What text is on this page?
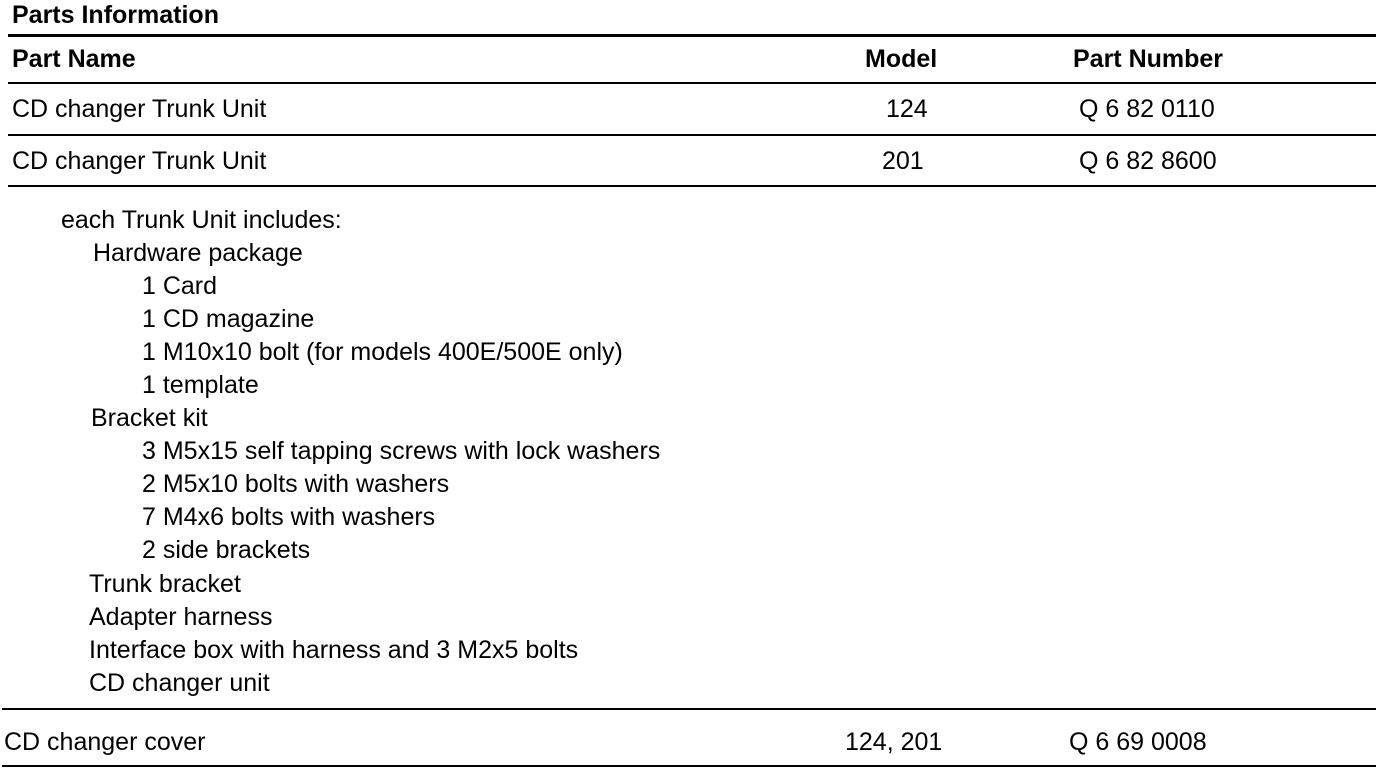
Parts Information
Part Name	Model	Part Number
CD changer Trunk Unit	124	Q 6 82 0110
CD changer Trunk Unit	201	Q 6 82 8600
each Trunk Unit includes:
Hardware package
1 Card
1 CD magazine
1 M10x10 bolt (for models 400E/500E only)
1 template
Bracket kit
3 M5x15 self tapping screws with lock washers
2 M5x10 bolts with washers
7 M4x6 bolts with washers
2 side brackets
Trunk bracket
Adapter harness
Interface box with harness and 3 M2x5 bolts
CD changer unit
CD changer cover	124, 201	Q 6 69 0008
